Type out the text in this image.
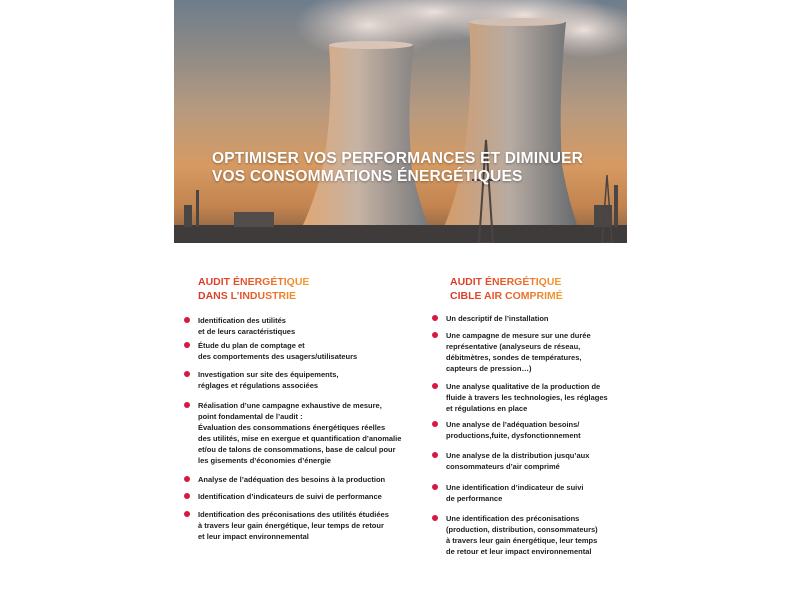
OPTIMISER VOS PERFORMANCES ET DIMINUER
VOS CONSOMMATIONS ÉNERGÉTIQUES
AUDIT ÉNERGÉTIQUE
DANS L’INDUSTRIE
Identification des utilités
et de leurs caractéristiques
Étude du plan de comptage et
des comportements des usagers/utilisateurs
Investigation sur site des équipements,
réglages et régulations associées
Réalisation d’une campagne exhaustive de mesure,
point fondamental de l’audit :
Évaluation des consommations énergétiques réelles
des utilités, mise en exergue et quantification d’anomalie
et/ou de talons de consommations, base de calcul pour
les gisements d’économies d’énergie
Analyse de l’adéquation des besoins à la production
Identification d’indicateurs de suivi de performance
Identification des préconisations des utilités étudiées
à travers leur gain énergétique, leur temps de retour
et leur impact environnemental
AUDIT ÉNERGÉTIQUE
CIBLE AIR COMPRIMÉ
Un descriptif de l’installation
Une campagne de mesure sur une durée
représentative (analyseurs de réseau,
débitmètres, sondes de températures,
capteurs de pression…)
Une analyse qualitative de la production de
fluide à travers les technologies, les réglages
et régulations en place
Une analyse de l’adéquation besoins/
productions,fuite, dysfonctionnement
Une analyse de la distribution jusqu’aux
consommateurs d’air comprimé
Une identification d’indicateur de suivi
de performance
Une identification des préconisations
(production, distribution, consommateurs)
à travers leur gain énergétique, leur temps
de retour et leur impact environnemental
